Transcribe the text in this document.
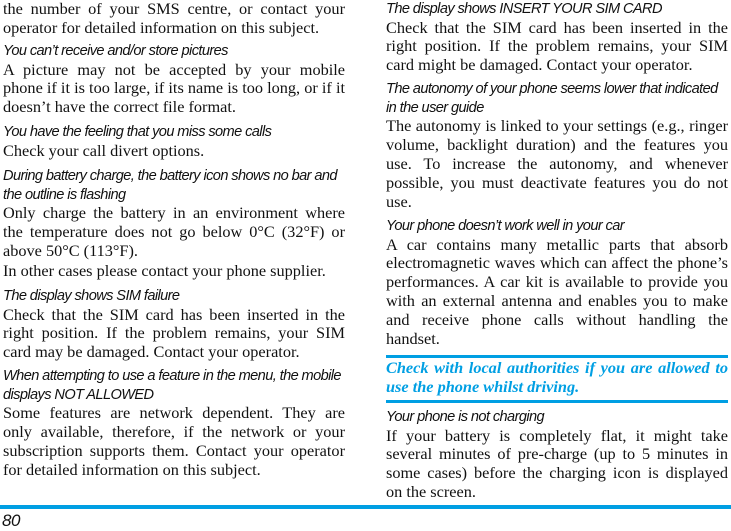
the number of your SMS centre, or contact your operator for detailed information on this subject.

You can’t receive and/or store pictures

A picture may not be accepted by your mobile phone if it is too large, if its name is too long, or if it doesn’t have the correct file format.

You have the feeling that you miss some calls

Check your call divert options.

During battery charge, the battery icon shows no bar and the outline is flashing

Only charge the battery in an environment where the temperature does not go below 0°C (32°F) or above 50°C (113°F).

In other cases please contact your phone supplier.

The display shows SIM failure

Check that the SIM card has been inserted in the right position. If the problem remains, your SIM card may be damaged. Contact your operator.

When attempting to use a feature in the menu, the mobile displays NOT ALLOWED

Some features are network dependent. They are only available, therefore, if the network or your subscription supports them. Contact your operator for detailed information on this subject.

The display shows INSERT YOUR SIM CARD

Check that the SIM card has been inserted in the right position. If the problem remains, your SIM card might be damaged. Contact your operator.

The autonomy of your phone seems lower that indicated in the user guide

The autonomy is linked to your settings (e.g., ringer volume, backlight duration) and the features you use. To increase the autonomy, and whenever possible, you must deactivate features you do not use.

Your phone doesn’t work well in your car

A car contains many metallic parts that absorb electromagnetic waves which can affect the phone’s performances. A car kit is available to provide you with an external antenna and enables you to make and receive phone calls without handling the handset.

Check with local authorities if you are allowed to use the phone whilst driving.

Your phone is not charging

If your battery is completely flat, it might take several minutes of pre-charge (up to 5 minutes in some cases) before the charging icon is displayed on the screen.

80
